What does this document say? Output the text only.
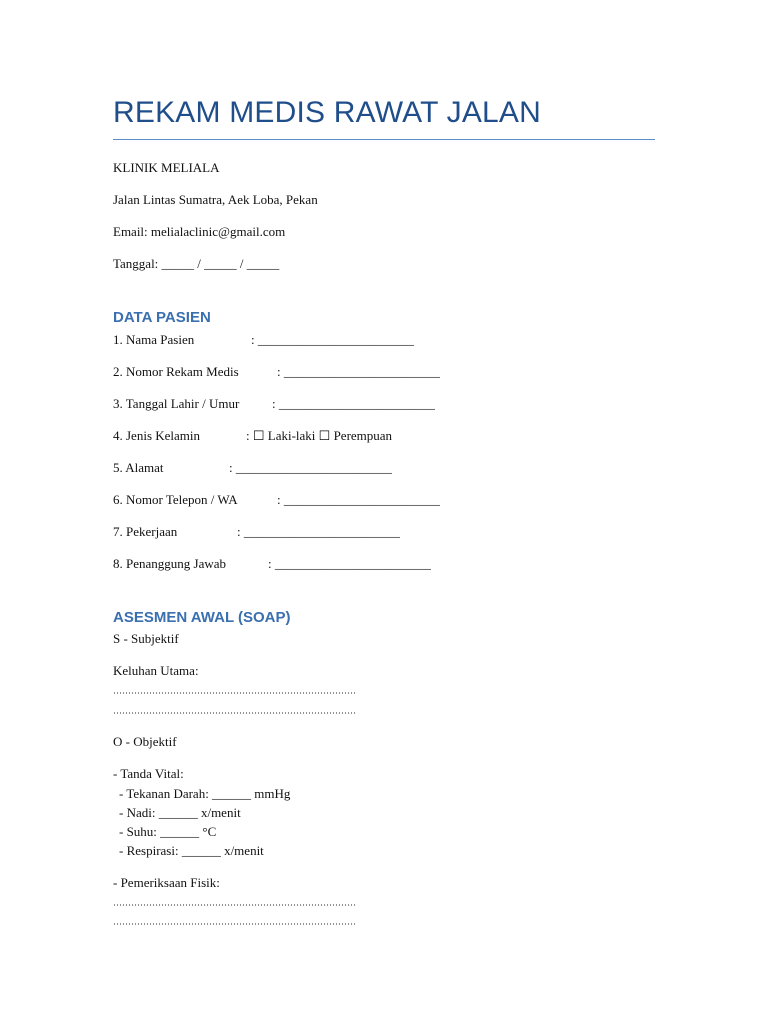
REKAM MEDIS RAWAT JALAN
KLINIK MELIALA
Jalan Lintas Sumatra, Aek Loba, Pekan
Email: melialaclinic@gmail.com
Tanggal: _____ / _____ / _____
DATA PASIEN
1. Nama Pasien	: ________________________
2. Nomor Rekam Medis	: ________________________
3. Tanggal Lahir / Umur	: ________________________
4. Jenis Kelamin	: ☐ Laki-laki ☐ Perempuan
5. Alamat	: ________________________
6. Nomor Telepon / WA	: ________________________
7. Pekerjaan	: ________________________
8. Penanggung Jawab	: ________________________
ASESMEN AWAL (SOAP)
S - Subjektif
Keluhan Utama:
O - Objektif
- Tanda Vital:
- Tekanan Darah: ______ mmHg
- Nadi: ______ x/menit
- Suhu: ______ °C
- Respirasi: ______ x/menit
- Pemeriksaan Fisik:
